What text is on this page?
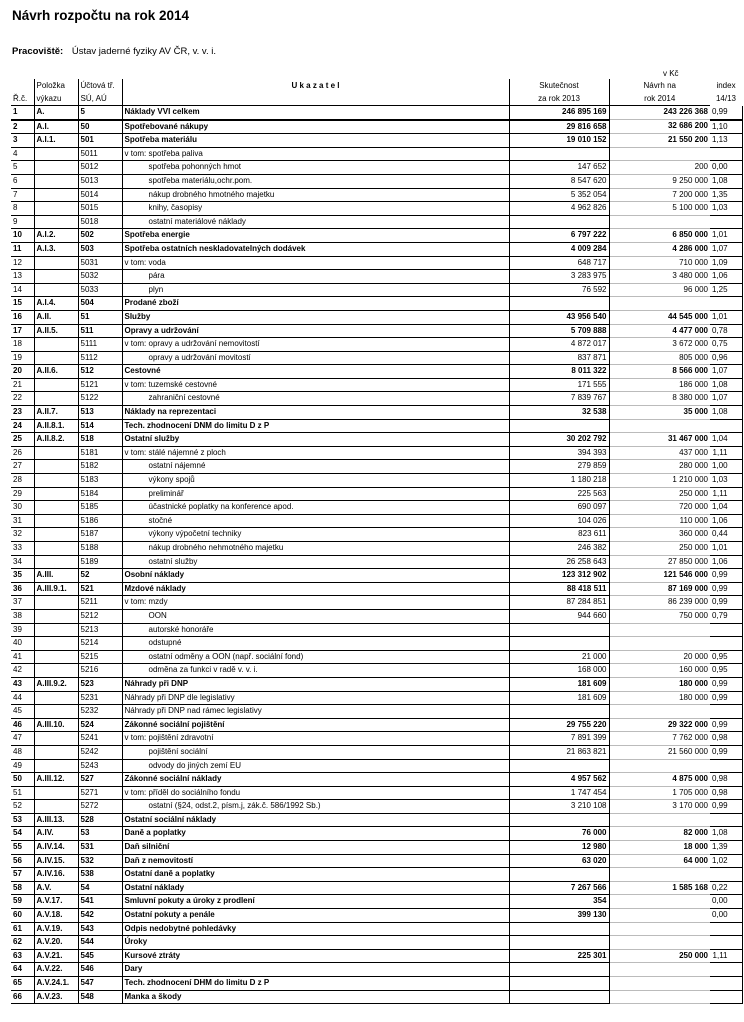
Návrh rozpočtu na rok 2014
Pracoviště: Ústav jaderné fyziky AV ČR, v. v. i.
v Kč
	Položka	Účtová tř.	U k a z a t e l	Skutečnost	Návrh na	index
Ř.č.	výkazu	SÚ, AÚ		za rok 2013	rok 2014	14/13
1	A.	5	Náklady VVI celkem	246 895 169	243 226 368	0,99
2	A.I.	50	Spotřebované nákupy	29 816 658	32 686 200	1,10
3	A.I.1.	501	Spotřeba materiálu	19 010 152	21 550 200	1,13
4		5011	v tom: spotřeba paliva			
5		5012	spotřeba pohonných hmot	147 652	200	0,00
6		5013	spotřeba materiálu,ochr.pom.	8 547 620	9 250 000	1,08
7		5014	nákup drobného hmotného majetku	5 352 054	7 200 000	1,35
8		5015	knihy, časopisy	4 962 826	5 100 000	1,03
9		5018	ostatní materiálové náklady			
10	A.I.2.	502	Spotřeba energie	6 797 222	6 850 000	1,01
11	A.I.3.	503	Spotřeba ostatních neskladovatelných dodávek	4 009 284	4 286 000	1,07
12		5031	v tom: voda	648 717	710 000	1,09
13		5032	pára	3 283 975	3 480 000	1,06
14		5033	plyn	76 592	96 000	1,25
15	A.I.4.	504	Prodané zboží			
16	A.II.	51	Služby	43 956 540	44 545 000	1,01
17	A.II.5.	511	Opravy a udržování	5 709 888	4 477 000	0,78
18		5111	v tom: opravy a udržování nemovitostí	4 872 017	3 672 000	0,75
19		5112	opravy a udržování movitostí	837 871	805 000	0,96
20	A.II.6.	512	Cestovné	8 011 322	8 566 000	1,07
21		5121	v tom: tuzemské cestovné	171 555	186 000	1,08
22		5122	zahraniční cestovné	7 839 767	8 380 000	1,07
23	A.II.7.	513	Náklady na reprezentaci	32 538	35 000	1,08
24	A.II.8.1.	514	Tech. zhodnocení DNM do limitu D z P			
25	A.II.8.2.	518	Ostatní služby	30 202 792	31 467 000	1,04
26		5181	v tom: stálé nájemné z ploch	394 393	437 000	1,11
27		5182	ostatní nájemné	279 859	280 000	1,00
28		5183	výkony spojů	1 180 218	1 210 000	1,03
29		5184	preliminář	225 563	250 000	1,11
30		5185	účastnické poplatky na konference apod.	690 097	720 000	1,04
31		5186	stočné	104 026	110 000	1,06
32		5187	výkony výpočetní techniky	823 611	360 000	0,44
33		5188	nákup drobného nehmotného majetku	246 382	250 000	1,01
34		5189	ostatní služby	26 258 643	27 850 000	1,06
35	A.III.	52	Osobní náklady	123 312 902	121 546 000	0,99
36	A.III.9.1.	521	Mzdové náklady	88 418 511	87 169 000	0,99
37		5211	v tom: mzdy	87 284 851	86 239 000	0,99
38		5212	OON	944 660	750 000	0,79
39		5213	autorské honoráře			
40		5214	odstupné			
41		5215	ostatní odměny a OON (např. sociální fond)	21 000	20 000	0,95
42		5216	odměna za funkci v radě v. v. i.	168 000	160 000	0,95
43	A.III.9.2.	523	Náhrady při DNP	181 609	180 000	0,99
44		5231	Náhrady při DNP dle legislativy	181 609	180 000	0,99
45		5232	Náhrady při DNP nad rámec legislativy			
46	A.III.10.	524	Zákonné sociální pojištění	29 755 220	29 322 000	0,99
47		5241	v tom: pojištění zdravotní	7 891 399	7 762 000	0,98
48		5242	pojištění sociální	21 863 821	21 560 000	0,99
49		5243	odvody do jiných zemí EU			
50	A.III.12.	527	Zákonné sociální náklady	4 957 562	4 875 000	0,98
51		5271	v tom: příděl do sociálního fondu	1 747 454	1 705 000	0,98
52		5272	ostatní (§24, odst.2, písm.j, zák.č. 586/1992 Sb.)	3 210 108	3 170 000	0,99
53	A.III.13.	528	Ostatní sociální náklady			
54	A.IV.	53	Daně a poplatky	76 000	82 000	1,08
55	A.IV.14.	531	Daň silniční	12 980	18 000	1,39
56	A.IV.15.	532	Daň z nemovitostí	63 020	64 000	1,02
57	A.IV.16.	538	Ostatní daně a poplatky			
58	A.V.	54	Ostatní náklady	7 267 566	1 585 168	0,22
59	A.V.17.	541	Smluvní pokuty a úroky z prodlení	354		0,00
60	A.V.18.	542	Ostatní pokuty a penále	399 130		0,00
61	A.V.19.	543	Odpis nedobytné pohledávky			
62	A.V.20.	544	Úroky			
63	A.V.21.	545	Kursové ztráty	225 301	250 000	1,11
64	A.V.22.	546	Dary			
65	A.V.24.1.	547	Tech. zhodnocení DHM do limitu D z P			
66	A.V.23.	548	Manka a škody			
